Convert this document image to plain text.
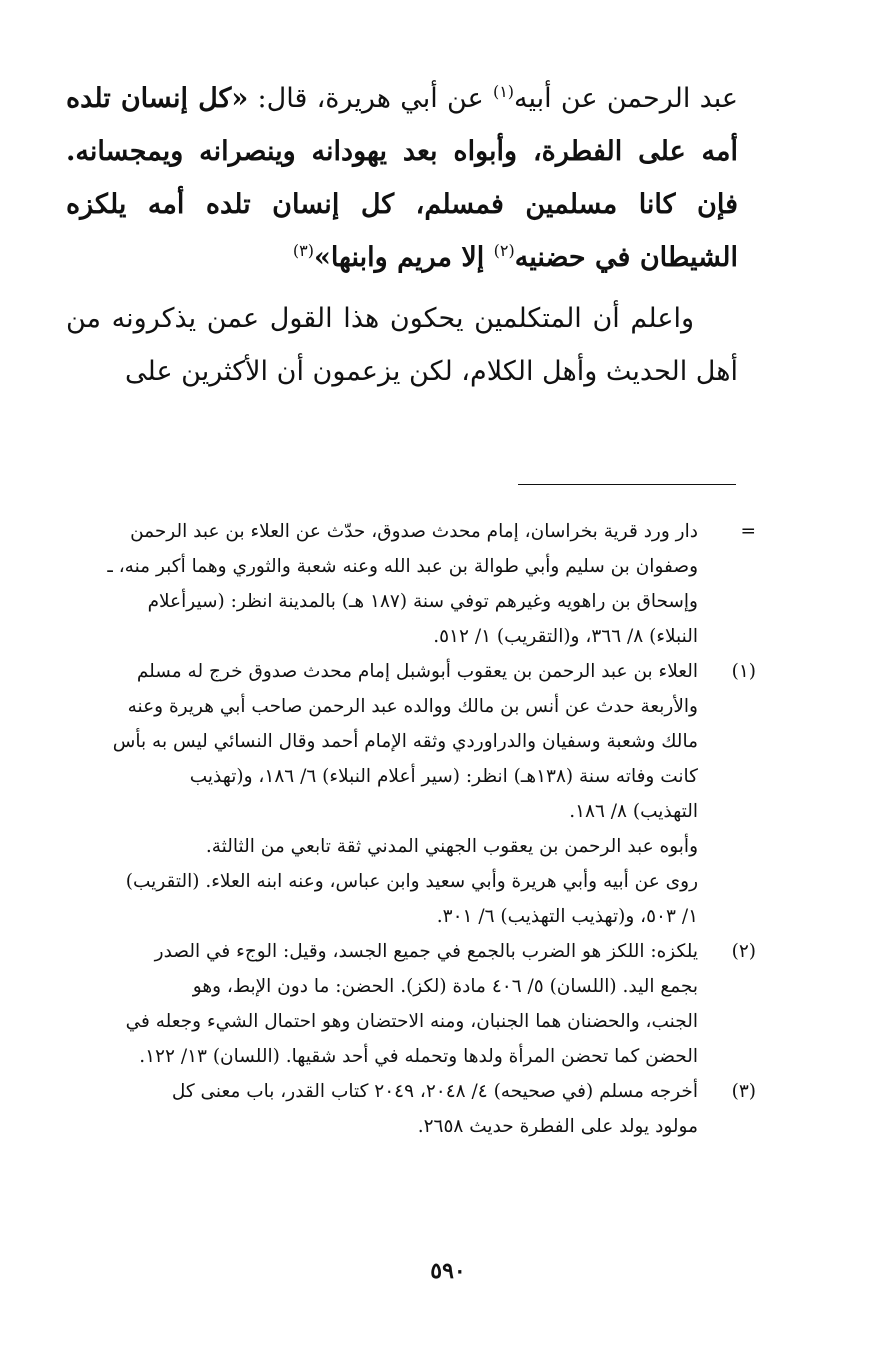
عبد الرحمن عن أبيه$^{(١)}$ عن أبي هريرة، قال: «كل إنسان تلده أمه على الفطرة، وأبواه بعد يهودانه وينصرانه ويمجسانه. فإن كانا مسلمين فمسلم، كل إنسان تلده أمه يلكزه الشيطان في حضنيه$^{(٢)}$ إلا مريم وابنها»$^{(٣)}$

واعلم أن المتكلمين يحكون هذا القول عمن يذكرونه من أهل الحديث وأهل الكلام، لكن يزعمون أن الأكثرين على

=
دار ورد قرية بخراسان، إمام محدث صدوق، حدّث عن العلاء بن عبد الرحمن
وصفوان بن سليم وأبي طوالة بن عبد الله وعنه شعبة والثوري وهما أكبر منه، ـ
وإسحاق بن راهويه وغيرهم توفي سنة (١٨٧ هـ) بالمدينة انظر: (سيرأعلام
النبلاء) ٨/ ٣٦٦، و(التقريب) ١/ ٥١٢.
(١)
العلاء بن عبد الرحمن بن يعقوب أبوشبل إمام محدث صدوق خرج له مسلم
والأربعة حدث عن أنس بن مالك ووالده عبد الرحمن صاحب أبي هريرة وعنه
مالك وشعبة وسفيان والدراوردي وثقه الإمام أحمد وقال النسائي ليس به بأس
كانت وفاته سنة (١٣٨هـ) انظر: (سير أعلام النبلاء) ٦/ ١٨٦، و(تهذيب
التهذيب) ٨/ ١٨٦.
وأبوه عبد الرحمن بن يعقوب الجهني المدني ثقة تابعي من الثالثة.
روى عن أبيه وأبي هريرة وأبي سعيد وابن عباس، وعنه ابنه العلاء. (التقريب)
١/ ٥٠٣، و(تهذيب التهذيب) ٦/ ٣٠١.
(٢)
يلكزه: اللكز هو الضرب بالجمع في جميع الجسد، وقيل: الوجء في الصدر
بجمع اليد. (اللسان) ٥/ ٤٠٦ مادة (لكز). الحضن: ما دون الإبط، وهو
الجنب، والحضنان هما الجنبان، ومنه الاحتضان وهو احتمال الشيء وجعله في
الحضن كما تحضن المرأة ولدها وتحمله في أحد شقيها. (اللسان) ١٣/ ١٢٢.
(٣)
أخرجه مسلم (في صحيحه) ٤/ ٢٠٤٨، ٢٠٤٩ كتاب القدر، باب معنى كل
مولود يولد على الفطرة حديث ٢٦٥٨.
٥٩٠
